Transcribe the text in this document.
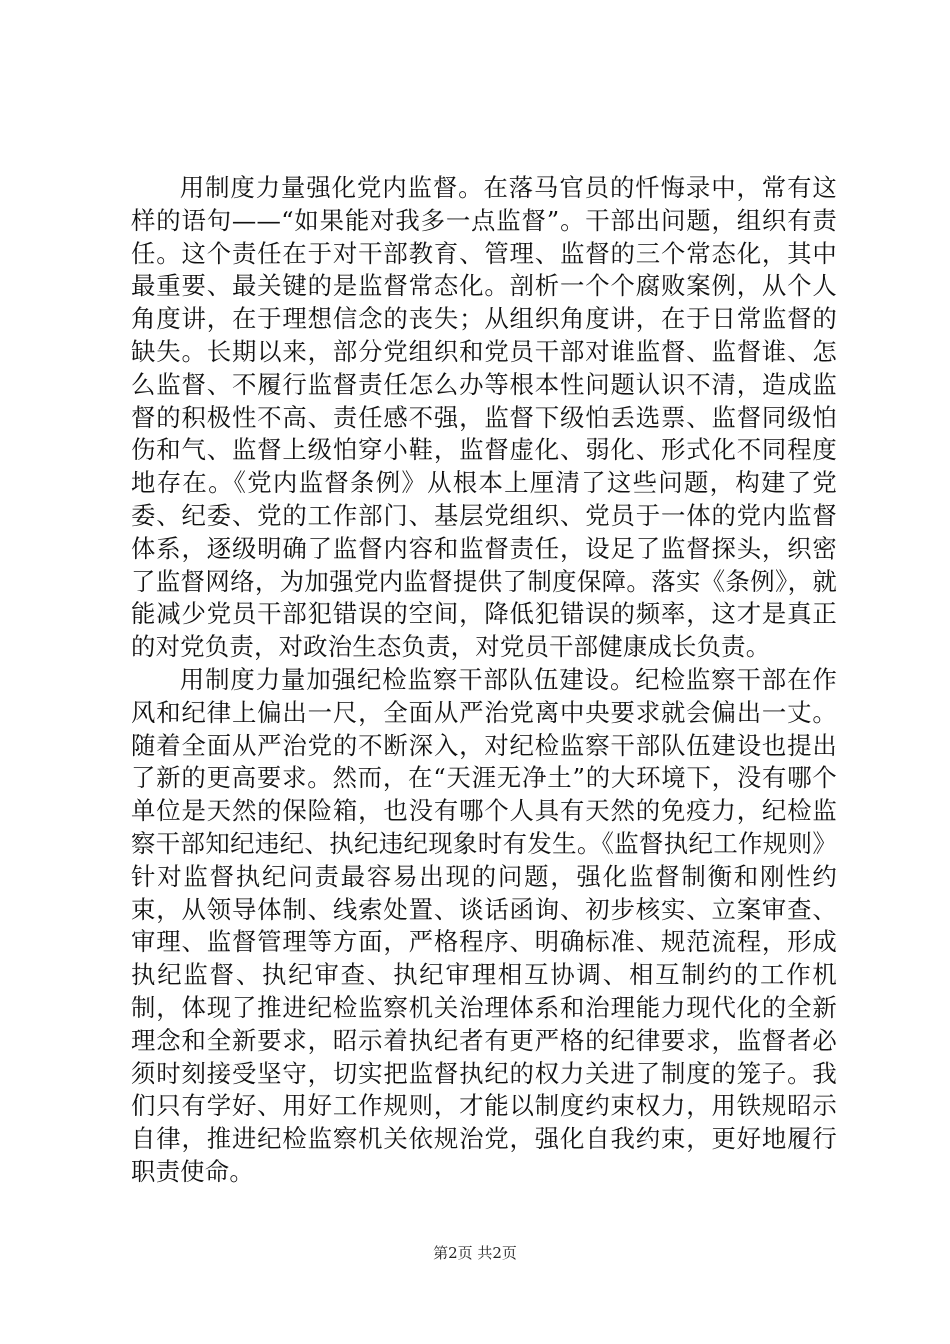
用制度力量强化党内监督。在落马官员的忏悔录中，常有这样的语句——“如果能对我多一点监督”。干部出问题，组织有责任。这个责任在于对干部教育、管理、监督的三个常态化，其中最重要、最关键的是监督常态化。剖析一个个腐败案例，从个人角度讲，在于理想信念的丧失；从组织角度讲，在于日常监督的缺失。长期以来，部分党组织和党员干部对谁监督、监督谁、怎么监督、不履行监督责任怎么办等根本性问题认识不清，造成监督的积极性不高、责任感不强，监督下级怕丢选票、监督同级怕伤和气、监督上级怕穿小鞋，监督虚化、弱化、形式化不同程度地存在。《党内监督条例》从根本上厘清了这些问题，构建了党委、纪委、党的工作部门、基层党组织、党员于一体的党内监督体系，逐级明确了监督内容和监督责任，设足了监督探头，织密了监督网络，为加强党内监督提供了制度保障。落实《条例》，就能减少党员干部犯错误的空间，降低犯错误的频率，这才是真正的对党负责，对政治生态负责，对党员干部健康成长负责。

用制度力量加强纪检监察干部队伍建设。纪检监察干部在作风和纪律上偏出一尺，全面从严治党离中央要求就会偏出一丈。随着全面从严治党的不断深入，对纪检监察干部队伍建设也提出了新的更高要求。然而，在“天涯无净土”的大环境下，没有哪个单位是天然的保险箱，也没有哪个人具有天然的免疫力，纪检监察干部知纪违纪、执纪违纪现象时有发生。《监督执纪工作规则》针对监督执纪问责最容易出现的问题，强化监督制衡和刚性约束，从领导体制、线索处置、谈话函询、初步核实、立案审查、审理、监督管理等方面，严格程序、明确标准、规范流程，形成执纪监督、执纪审查、执纪审理相互协调、相互制约的工作机制，体现了推进纪检监察机关治理体系和治理能力现代化的全新理念和全新要求，昭示着执纪者有更严格的纪律要求，监督者必须时刻接受坚守，切实把监督执纪的权力关进了制度的笼子。我们只有学好、用好工作规则，才能以制度约束权力，用铁规昭示自律，推进纪检监察机关依规治党，强化自我约束，更好地履行职责使命。

第2页 共2页
